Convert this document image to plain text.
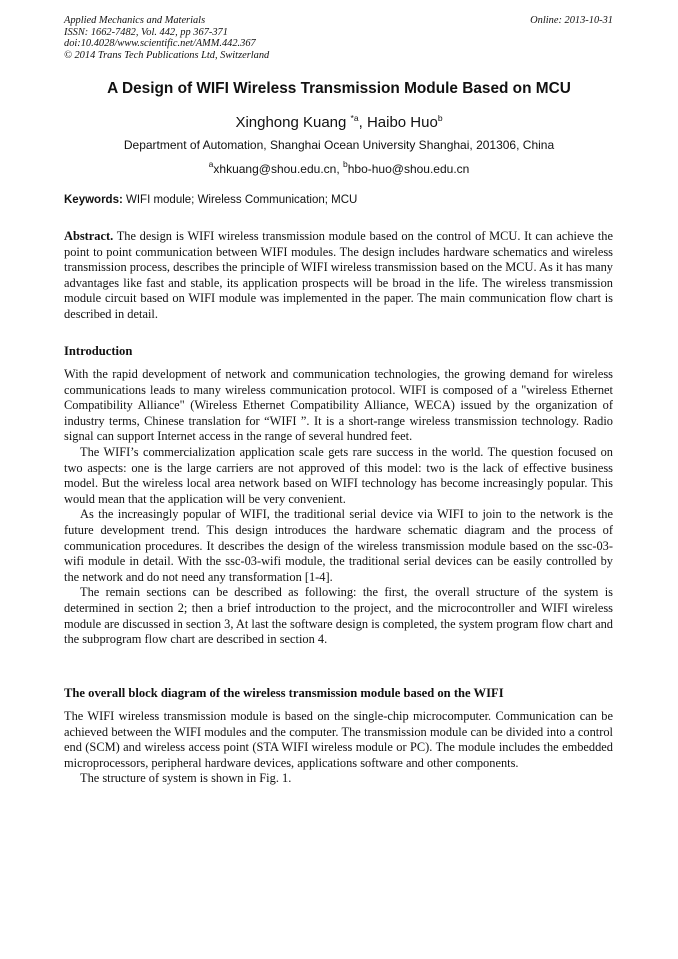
Applied Mechanics and Materials
ISSN: 1662-7482, Vol. 442, pp 367-371
doi:10.4028/www.scientific.net/AMM.442.367
© 2014 Trans Tech Publications Ltd, Switzerland
Online: 2013-10-31
A Design of WIFI Wireless Transmission Module Based on MCU
Xinghong Kuang $^{*a}$, Haibo Huo$^b$
Department of Automation, Shanghai Ocean University Shanghai, 201306, China
$^a$xhkuang@shou.edu.cn, $^b$hbo-huo@shou.edu.cn
Keywords: WIFI module; Wireless Communication; MCU

Abstract. The design is WIFI wireless transmission module based on the control of MCU. It can achieve the point to point communication between WIFI modules. The design includes hardware schematics and wireless transmission process, describes the principle of WIFI wireless transmission based on the MCU. As it has many advantages like fast and stable, its application prospects will be broad in the life. The wireless transmission module circuit based on WIFI module was implemented in the paper. The main communication flow chart is described in detail.

Introduction

With the rapid development of network and communication technologies, the growing demand for wireless communications leads to many wireless communication protocol. WIFI is composed of a "wireless Ethernet Compatibility Alliance" (Wireless Ethernet Compatibility Alliance, WECA) issued by the organization of industry terms, Chinese translation for “WIFI ”. It is a short-range wireless transmission technology. Radio signal can support Internet access in the range of several hundred feet.

The WIFI’s commercialization application scale gets rare success in the world. The question focused on two aspects: one is the large carriers are not approved of this model: two is the lack of effective business model. But the wireless local area network based on WIFI technology has become increasingly popular. This would mean that the application will be very convenient.

As the increasingly popular of WIFI, the traditional serial device via WIFI to join to the network is the future development trend. This design introduces the hardware schematic diagram and the process of communication procedures. It describes the design of the wireless transmission module based on the ssc-03-wifi module in detail. With the ssc-03-wifi module, the traditional serial devices can be easily controlled by the network and do not need any transformation [1-4].

The remain sections can be described as following: the first, the overall structure of the system is determined in section 2; then a brief introduction to the project, and the microcontroller and WIFI wireless module are discussed in section 3, At last the software design is completed, the system program flow chart and the subprogram flow chart are described in section 4.

The overall block diagram of the wireless transmission module based on the WIFI

The WIFI wireless transmission module is based on the single-chip microcomputer. Communication can be achieved between the WIFI modules and the computer. The transmission module can be divided into a control end (SCM) and wireless access point (STA WIFI wireless module or PC). The module includes the embedded microprocessors, peripheral hardware devices, applications software and other components.

The structure of system is shown in Fig. 1.
